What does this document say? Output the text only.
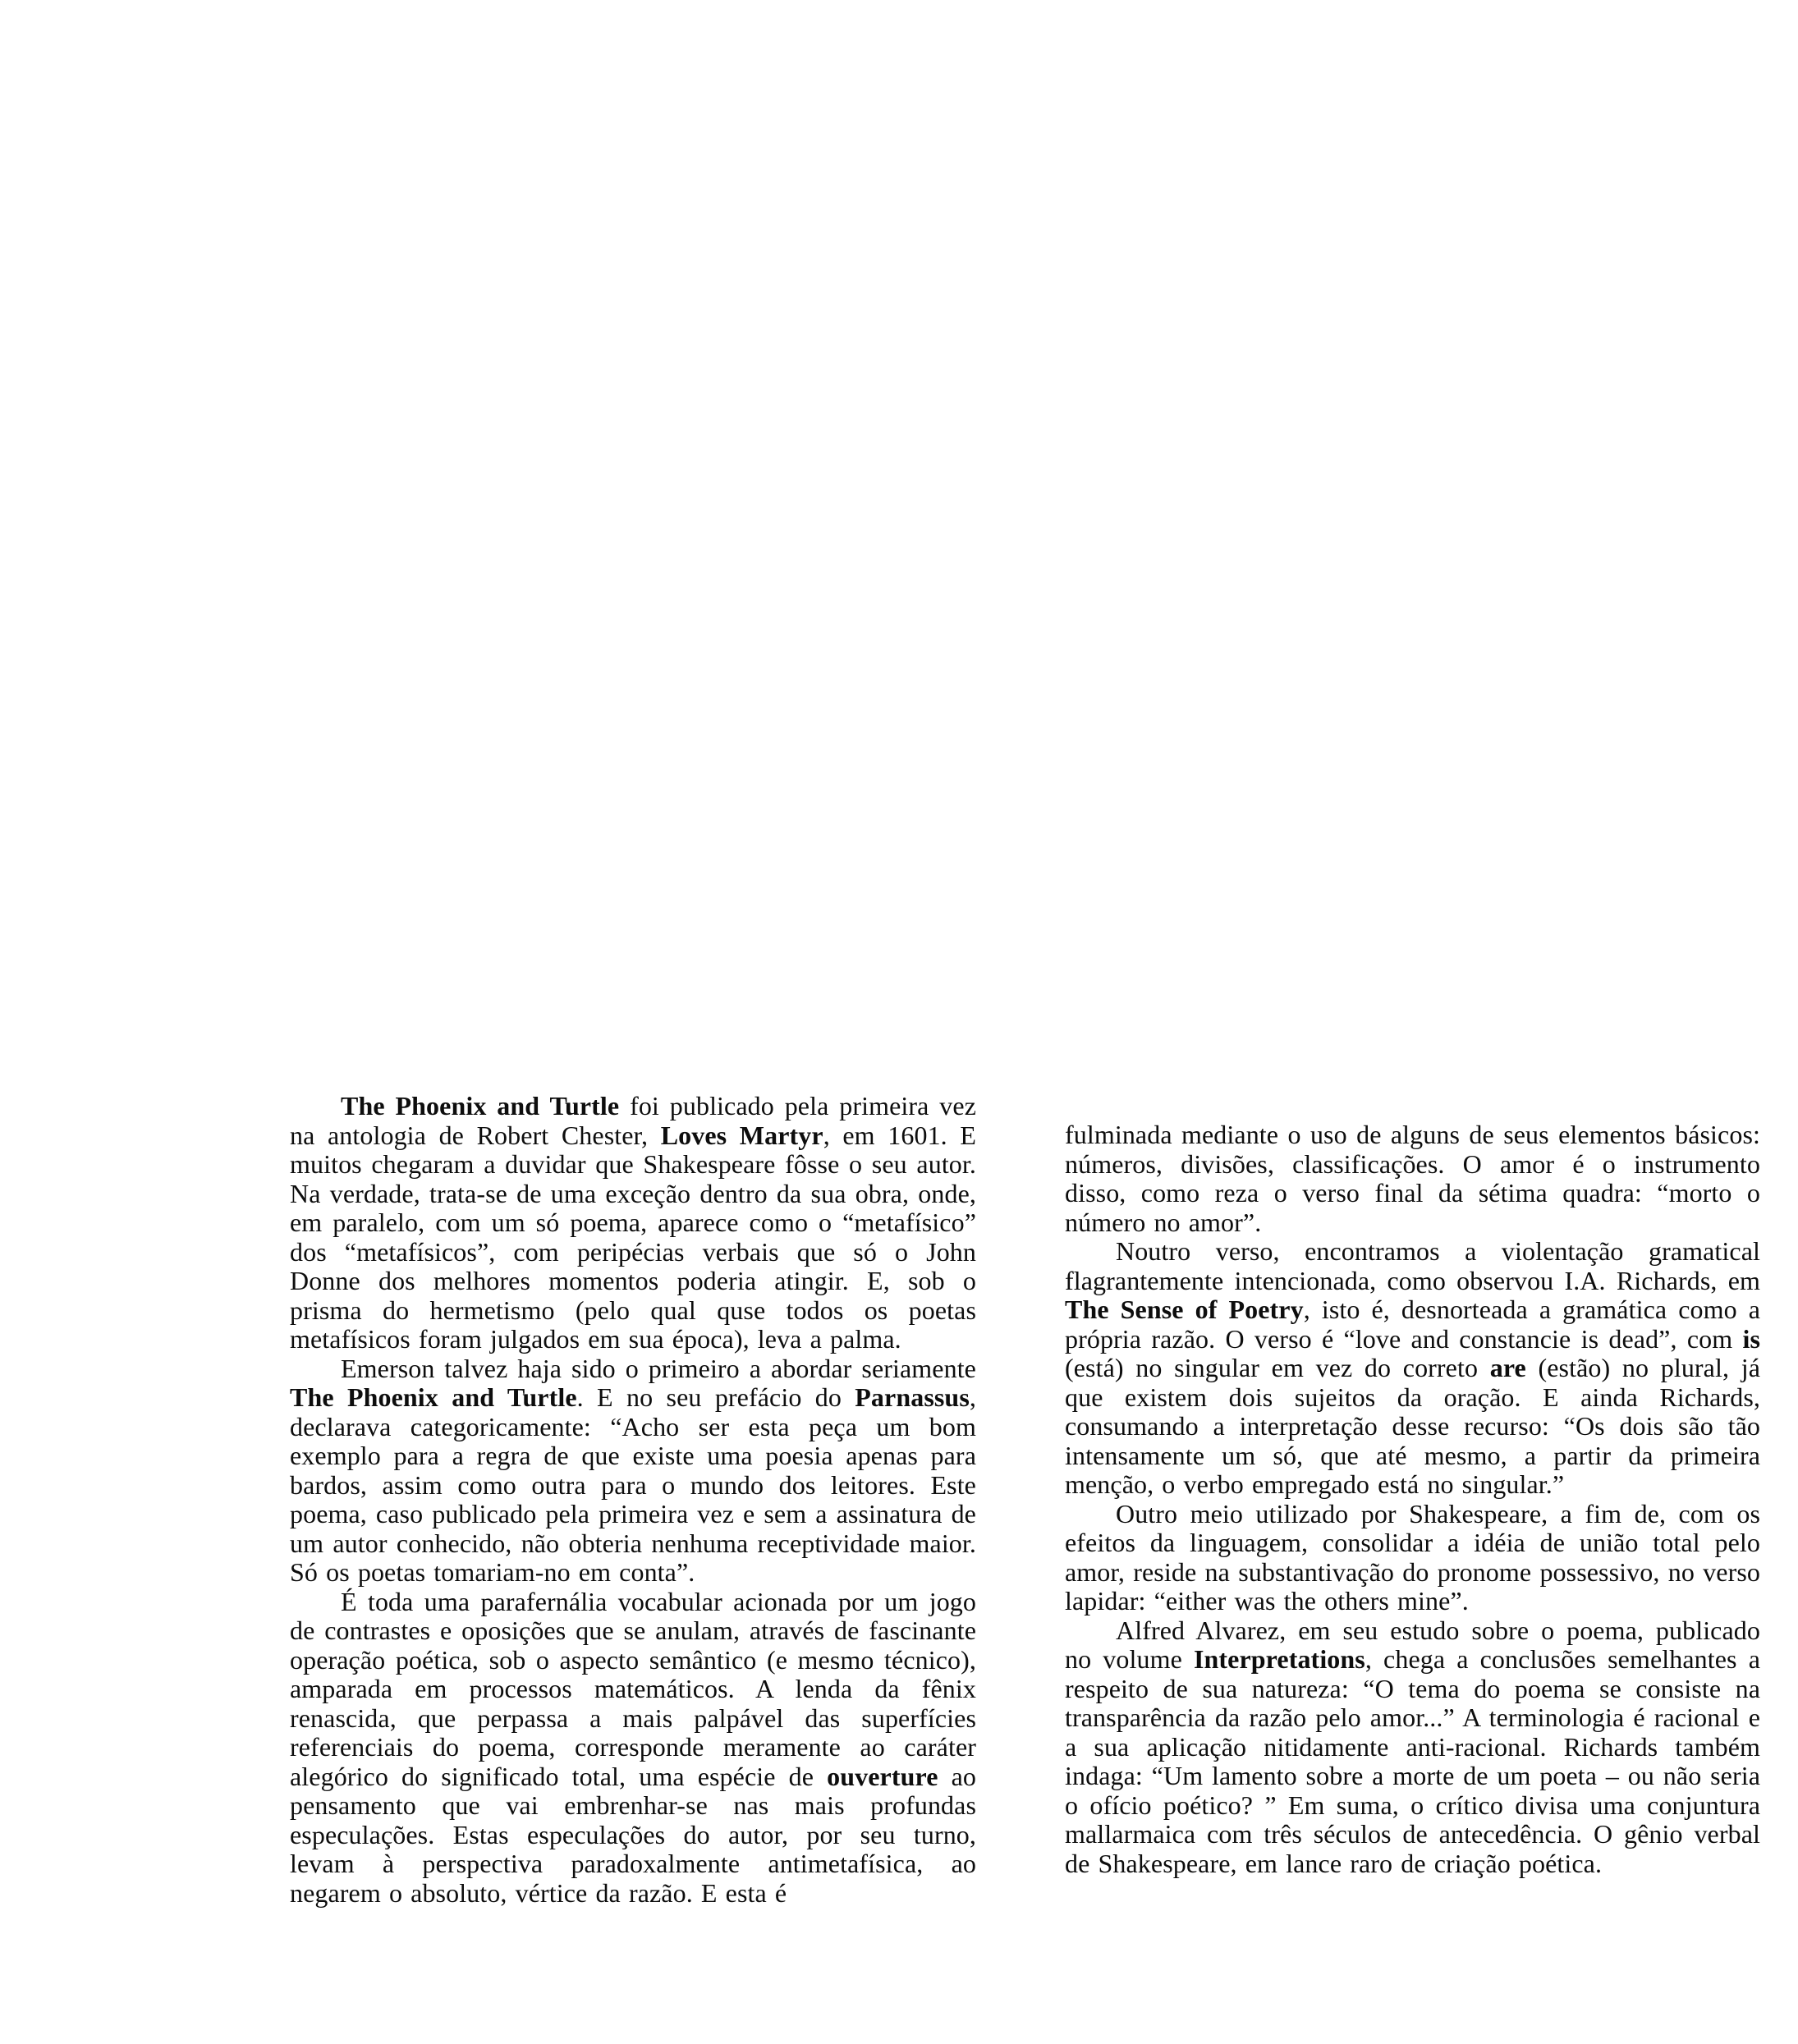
The Phoenix and Turtle foi publicado pela primeira vez na antologia de Robert Chester, Loves Martyr, em 1601. E muitos chegaram a duvidar que Shakespeare fôsse o seu autor. Na verdade, trata-se de uma exceção dentro da sua obra, onde, em paralelo, com um só poema, aparece como o “metafísico” dos “metafísicos”, com peripécias verbais que só o John Donne dos melhores momentos poderia atingir. E, sob o prisma do hermetismo (pelo qual quse todos os poetas metafísicos foram julgados em sua época), leva a palma.

Emerson talvez haja sido o primeiro a abordar seriamente The Phoenix and Turtle. E no seu prefácio do Parnassus, declarava categoricamente: “Acho ser esta peça um bom exemplo para a regra de que existe uma poesia apenas para bardos, assim como outra para o mundo dos leitores. Este poema, caso publicado pela primeira vez e sem a assinatura de um autor conhecido, não obteria nenhuma receptividade maior. Só os poetas tomariam-no em conta”.

É toda uma parafernália vocabular acionada por um jogo de contrastes e oposições que se anulam, através de fascinante operação poética, sob o aspecto semântico (e mesmo técnico), amparada em processos matemáticos. A lenda da fênix renascida, que perpassa a mais palpável das superfícies referenciais do poema, corresponde meramente ao caráter alegórico do significado total, uma espécie de ouverture ao pensamento que vai embrenhar-se nas mais profundas especulações. Estas especulações do autor, por seu turno, levam à perspectiva paradoxalmente antimetafísica, ao negarem o absoluto, vértice da razão. E esta é

fulminada mediante o uso de alguns de seus elementos básicos: números, divisões, classificações. O amor é o instrumento disso, como reza o verso final da sétima quadra: “morto o número no amor”.

Noutro verso, encontramos a violentação gramatical flagrantemente intencionada, como observou I.A. Richards, em The Sense of Poetry, isto é, desnorteada a gramática como a própria razão. O verso é “love and constancie is dead”, com is (está) no singular em vez do correto are (estão) no plural, já que existem dois sujeitos da oração. E ainda Richards, consumando a interpretação desse recurso: “Os dois são tão intensamente um só, que até mesmo, a partir da primeira menção, o verbo empregado está no singular.”

Outro meio utilizado por Shakespeare, a fim de, com os efeitos da linguagem, consolidar a idéia de união total pelo amor, reside na substantivação do pronome possessivo, no verso lapidar: “either was the others mine”.

Alfred Alvarez, em seu estudo sobre o poema, publicado no volume Interpretations, chega a conclusões semelhantes a respeito de sua natureza: “O tema do poema se consiste na transparência da razão pelo amor...” A terminologia é racional e a sua aplicação nitidamente anti-racional. Richards também indaga: “Um lamento sobre a morte de um poeta – ou não seria o ofício poético? ” Em suma, o crítico divisa uma conjuntura mallarmaica com três séculos de antecedência. O gênio verbal de Shakespeare, em lance raro de criação poética.
